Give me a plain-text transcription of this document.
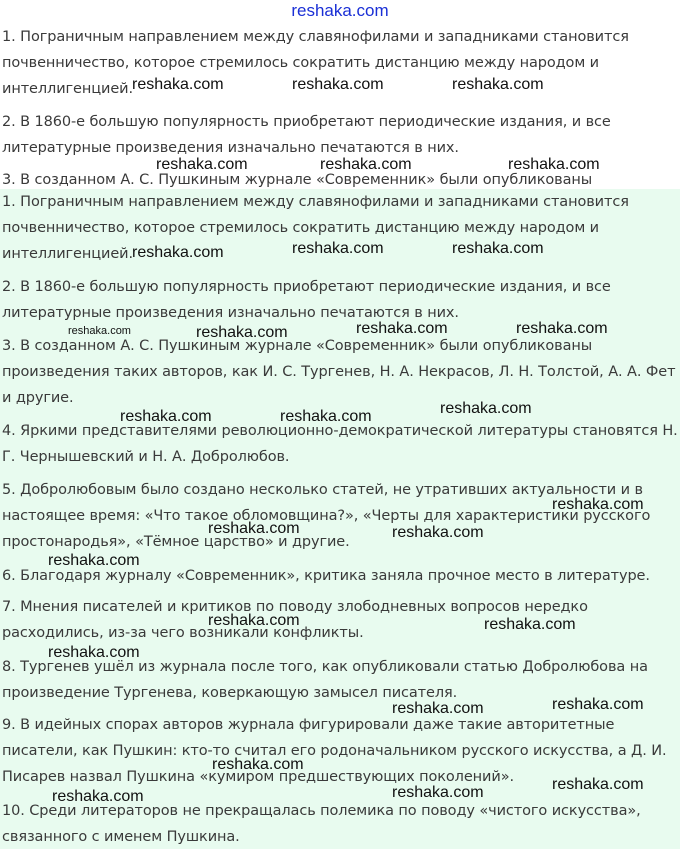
reshaka.com
1. Пограничным направлением между славянофилами и западниками становится почвенничество, которое стремилось сократить дистанцию между народом и интеллигенцией.
2. В 1860-е большую популярность приобретают периодические издания, и все литературные произведения изначально печатаются в них.
3. В созданном А. С. Пушкиным журнале «Современник» были опубликованы
1. Пограничным направлением между славянофилами и западниками становится почвенничество, которое стремилось сократить дистанцию между народом и интеллигенцией.
2. В 1860-е большую популярность приобретают периодические издания, и все литературные произведения изначально печатаются в них.
3. В созданном А. С. Пушкиным журнале «Современник» были опубликованы произведения таких авторов, как И. С. Тургенев, Н. А. Некрасов, Л. Н. Толстой, А. А. Фет и другие.
4. Яркими представителями революционно-демократической литературы становятся Н. Г. Чернышевский и Н. А. Добролюбов.
5. Добролюбовым было создано несколько статей, не утративших актуальности и в настоящее время: «Что такое обломовщина?», «Черты для характеристики русского простонародья», «Тёмное царство» и другие.
6. Благодаря журналу «Современник», критика заняла прочное место в литературе.
7. Мнения писателей и критиков по поводу злободневных вопросов нередко расходились, из-за чего возникали конфликты.
8. Тургенев ушёл из журнала после того, как опубликовали статью Добролюбова на произведение Тургенева, коверкающую замысел писателя.
9. В идейных спорах авторов журнала фигурировали даже такие авторитетные писатели, как Пушкин: кто-то считал его родоначальником русского искусства, а Д. И. Писарев назвал Пушкина «кумиром предшествующих поколений».
10. Среди литераторов не прекращалась полемика по поводу «чистого искусства», связанного с именем Пушкина.
reshaka.com	reshaka.com	reshaka.com
reshaka.com	reshaka.com	reshaka.com
reshaka.com	reshaka.com	reshaka.com
reshaka.com	reshaka.com	reshaka.com	reshaka.com
reshaka.com	reshaka.com	reshaka.com
reshaka.com
reshaka.com	reshaka.com
reshaka.com
reshaka.com	reshaka.com
reshaka.com
reshaka.com	reshaka.com
reshaka.com
reshaka.com
reshaka.com	reshaka.com
